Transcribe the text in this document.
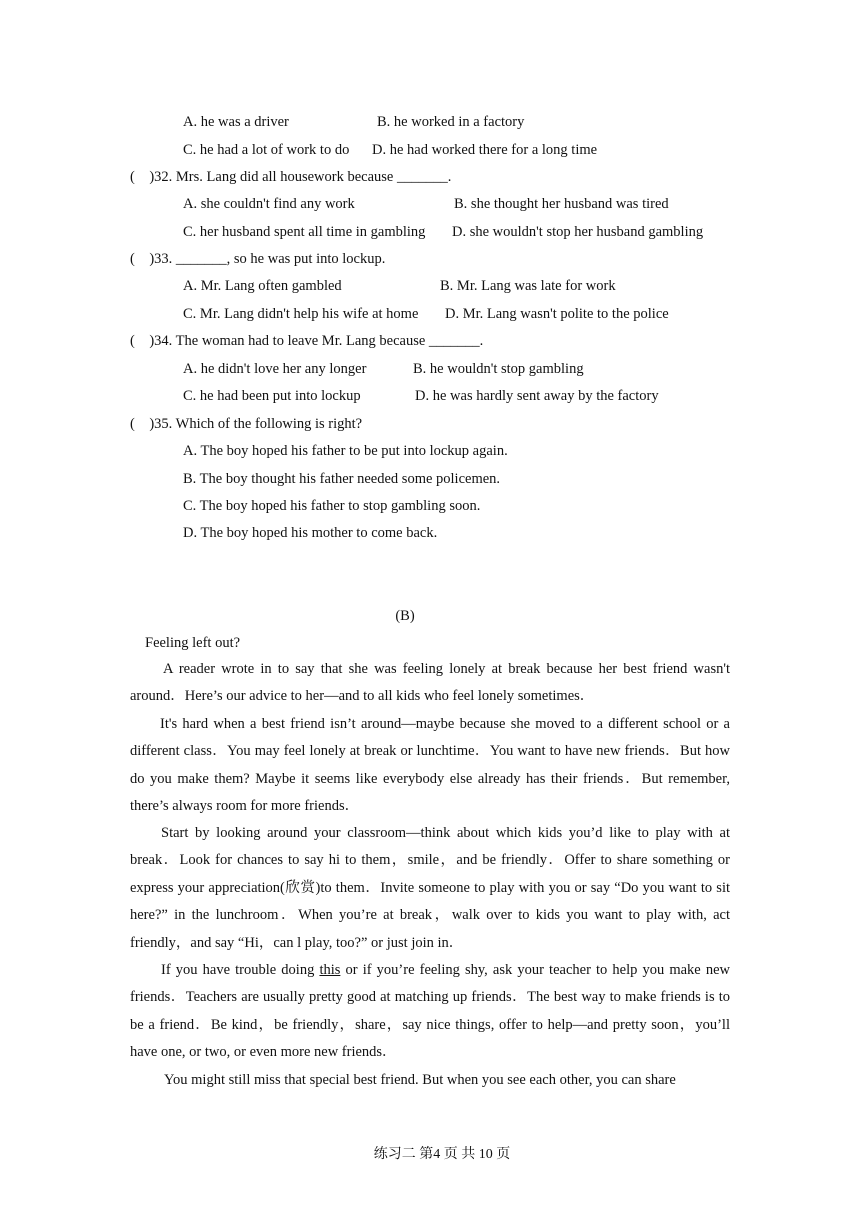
A. he was a driver	B. he worked in a factory
C. he had a lot of work to do D. he had worked there for a long time
(    )32. Mrs. Lang did all housework because _______.
A. she couldn't find any work	B. she thought her husband was tired
C. her husband spent all time in gambling D. she wouldn't stop her husband gambling
(    )33. _______, so he was put into lockup.
A. Mr. Lang often gambled	B. Mr. Lang was late for work
C. Mr. Lang didn't help his wife at home D. Mr. Lang wasn't polite to the police
(    )34. The woman had to leave Mr. Lang because _______.
A. he didn't love her any longer	B. he wouldn't stop gambling
C. he had been put into lockup	D. he was hardly sent away by the factory
(    )35. Which of the following is right?
A. The boy hoped his father to be put into lockup again.
B. The boy thought his father needed some policemen.
C. The boy hoped his father to stop gambling soon.
D. The boy hoped his mother to come back.
(B)
Feeling left out?
A reader wrote in to say that she was feeling lonely at break because her best friend wasn't around．Here’s our advice to her—and to all kids who feel lonely sometimes．
It's hard when a best friend isn’t around—maybe because she moved to a different school or a different class．You may feel lonely at break or lunchtime．You want to have new friends．But how do you make them? Maybe it seems like everybody else already has their friends．But remember, there’s always room for more friends．
Start by looking around your classroom—think about which kids you’d like to play with at break．Look for chances to say hi to them，smile，and be friendly．Offer to share something or express your appreciation(欣赏)to them．Invite someone to play with you or say “Do you want to sit here?” in the lunchroom．When you’re at break，walk over to kids you want to play with, act friendly，and say “Hi，can l play, too?” or just join in．
If you have trouble doing this or if you’re feeling shy, ask your teacher to help you make new friends．Teachers are usually pretty good at matching up friends．The best way to make friends is to be a friend．Be kind，be friendly，share，say nice things, offer to help—and pretty soon，you’ll have one, or two, or even more new friends．
You might still miss that special best friend. But when you see each other, you can share
练习二 第4 页 共 10 页
